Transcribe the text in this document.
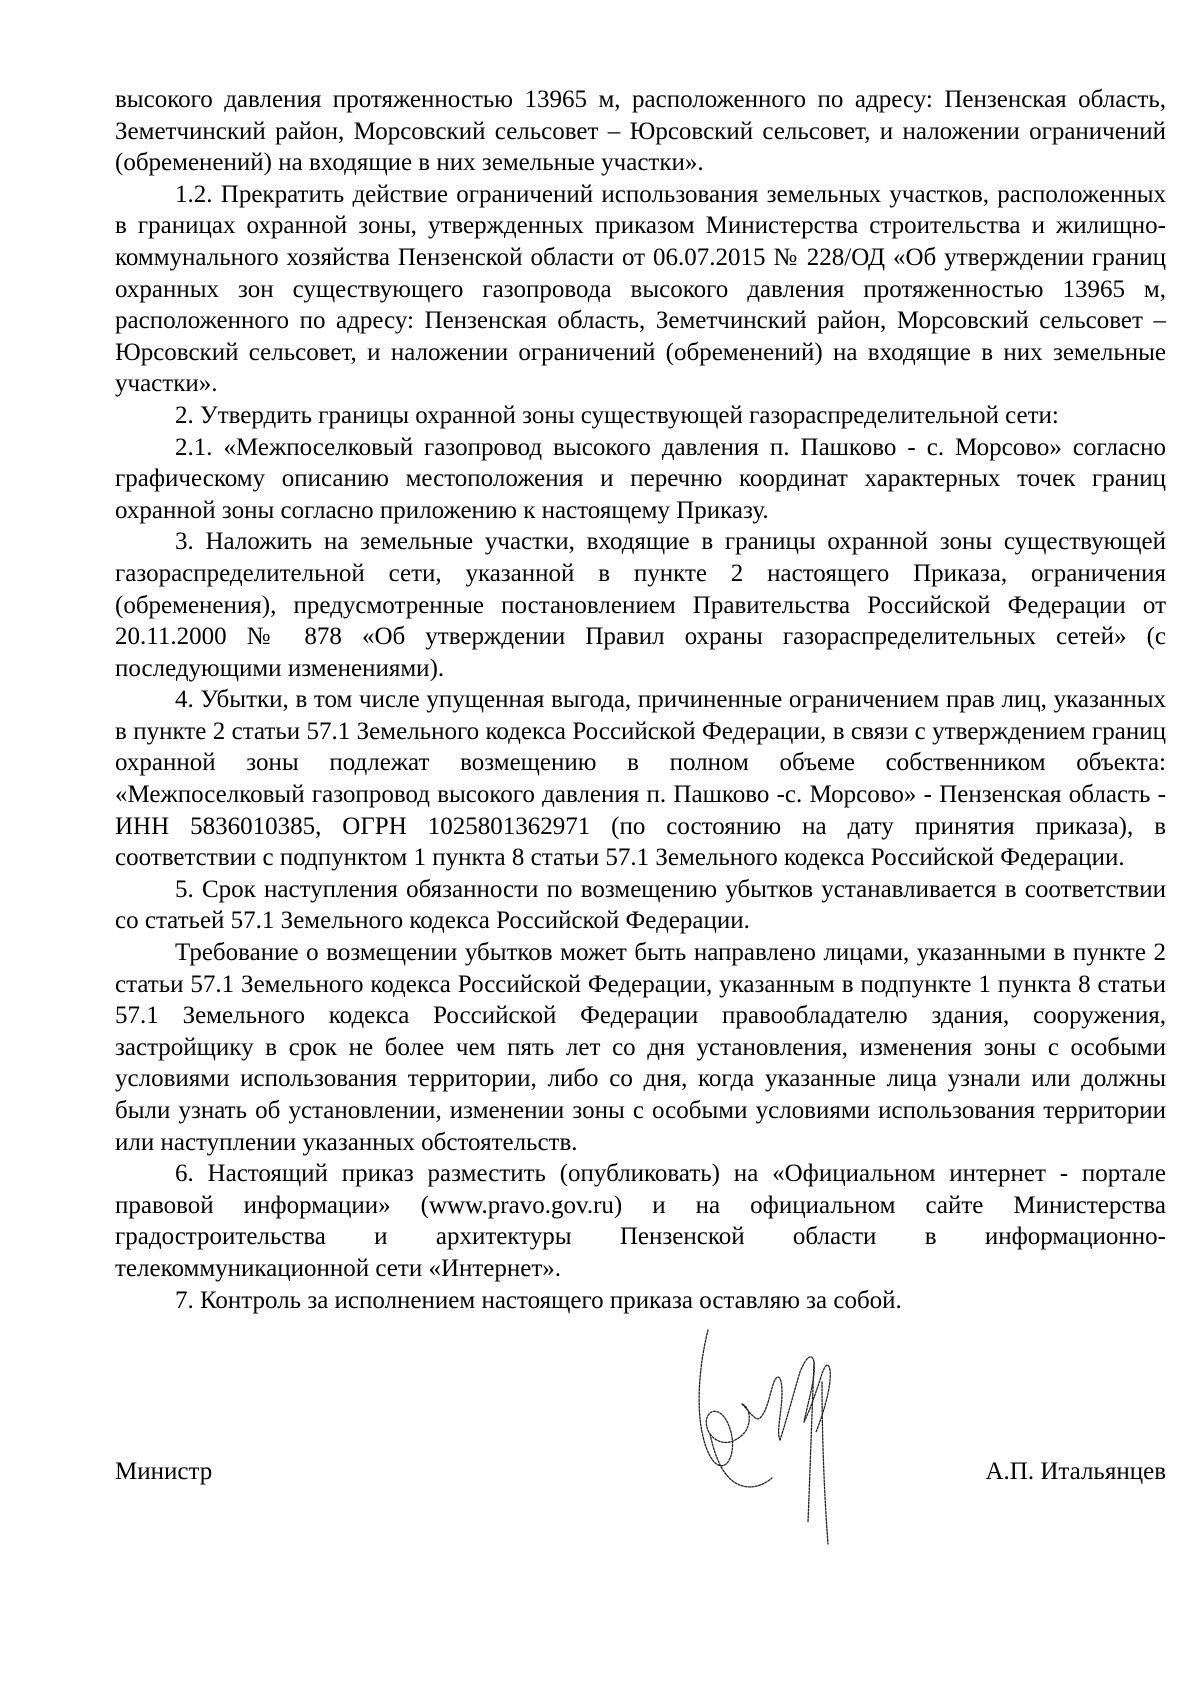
высокого давления протяженностью 13965 м, расположенного по адресу: Пензенская область, Земетчинский район, Морсовский сельсовет – Юрсовский сельсовет, и наложении ограничений (обременений) на входящие в них земельные участки».

1.2. Прекратить действие ограничений использования земельных участков, расположенных в границах охранной зоны, утвержденных приказом Министерства строительства и жилищно-коммунального хозяйства Пензенской области от 06.07.2015 № 228/ОД «Об утверждении границ охранных зон существующего газопровода высокого давления протяженностью 13965 м, расположенного по адресу: Пензенская область, Земетчинский район, Морсовский сельсовет – Юрсовский сельсовет, и наложении ограничений (обременений) на входящие в них земельные участки».

2. Утвердить границы охранной зоны существующей газораспределительной сети:

2.1. «Межпоселковый газопровод высокого давления п. Пашково - с. Морсово» согласно графическому описанию местоположения и перечню координат характерных точек границ охранной зоны согласно приложению к настоящему Приказу.

3. Наложить на земельные участки, входящие в границы охранной зоны существующей газораспределительной сети, указанной в пункте 2 настоящего Приказа, ограничения (обременения), предусмотренные постановлением Правительства Российской Федерации от 20.11.2000 № 878 «Об утверждении Правил охраны газораспределительных сетей» (с последующими изменениями).

4. Убытки, в том числе упущенная выгода, причиненные ограничением прав лиц, указанных в пункте 2 статьи 57.1 Земельного кодекса Российской Федерации, в связи с утверждением границ охранной зоны подлежат возмещению в полном объеме собственником объекта: «Межпоселковый газопровод высокого давления п. Пашково -с. Морсово» - Пензенская область - ИНН 5836010385, ОГРН 1025801362971 (по состоянию на дату принятия приказа), в соответствии с подпунктом 1 пункта 8 статьи 57.1 Земельного кодекса Российской Федерации.

5. Срок наступления обязанности по возмещению убытков устанавливается в соответствии со статьей 57.1 Земельного кодекса Российской Федерации.

Требование о возмещении убытков может быть направлено лицами, указанными в пункте 2 статьи 57.1 Земельного кодекса Российской Федерации, указанным в подпункте 1 пункта 8 статьи 57.1 Земельного кодекса Российской Федерации правообладателю здания, сооружения, застройщику в срок не более чем пять лет со дня установления, изменения зоны с особыми условиями использования территории, либо со дня, когда указанные лица узнали или должны были узнать об установлении, изменении зоны с особыми условиями использования территории или наступлении указанных обстоятельств.

6. Настоящий приказ разместить (опубликовать) на «Официальном интернет - портале правовой информации» (www.pravo.gov.ru) и на официальном сайте Министерства градостроительства и архитектуры Пензенской области в информационно-телекоммуникационной сети «Интернет».

7. Контроль за исполнением настоящего приказа оставляю за собой.

Министр	А.П. Итальянцев
